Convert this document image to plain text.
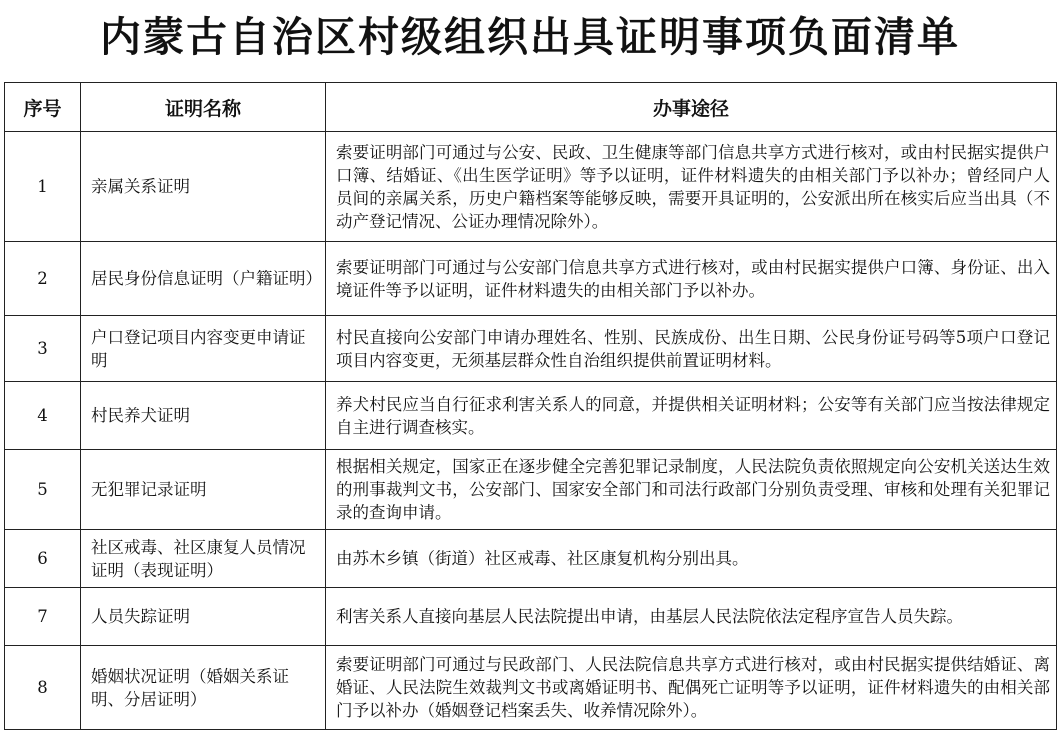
内蒙古自治区村级组织出具证明事项负面清单
序号	证明名称	办事途径
1	亲属关系证明	索要证明部门可通过与公安、民政、卫生健康等部门信息共享方式进行核对，或由村民据实提供户口簿、结婚证、《出生医学证明》等予以证明，证件材料遗失的由相关部门予以补办；曾经同户人员间的亲属关系，历史户籍档案等能够反映，需要开具证明的，公安派出所在核实后应当出具（不动产登记情况、公证办理情况除外）。
2	居民身份信息证明（户籍证明）	索要证明部门可通过与公安部门信息共享方式进行核对，或由村民据实提供户口簿、身份证、出入境证件等予以证明，证件材料遗失的由相关部门予以补办。
3	户口登记项目内容变更申请证明	村民直接向公安部门申请办理姓名、性别、民族成份、出生日期、公民身份证号码等5项户口登记项目内容变更，无须基层群众性自治组织提供前置证明材料。
4	村民养犬证明	养犬村民应当自行征求利害关系人的同意，并提供相关证明材料；公安等有关部门应当按法律规定自主进行调查核实。
5	无犯罪记录证明	根据相关规定，国家正在逐步健全完善犯罪记录制度，人民法院负责依照规定向公安机关送达生效的刑事裁判文书，公安部门、国家安全部门和司法行政部门分别负责受理、审核和处理有关犯罪记录的查询申请。
6	社区戒毒、社区康复人员情况证明（表现证明）	由苏木乡镇（街道）社区戒毒、社区康复机构分别出具。
7	人员失踪证明	利害关系人直接向基层人民法院提出申请，由基层人民法院依法定程序宣告人员失踪。
8	婚姻状况证明（婚姻关系证明、分居证明）	索要证明部门可通过与民政部门、人民法院信息共享方式进行核对，或由村民据实提供结婚证、离婚证、人民法院生效裁判文书或离婚证明书、配偶死亡证明等予以证明，证件材料遗失的由相关部门予以补办（婚姻登记档案丢失、收养情况除外）。
